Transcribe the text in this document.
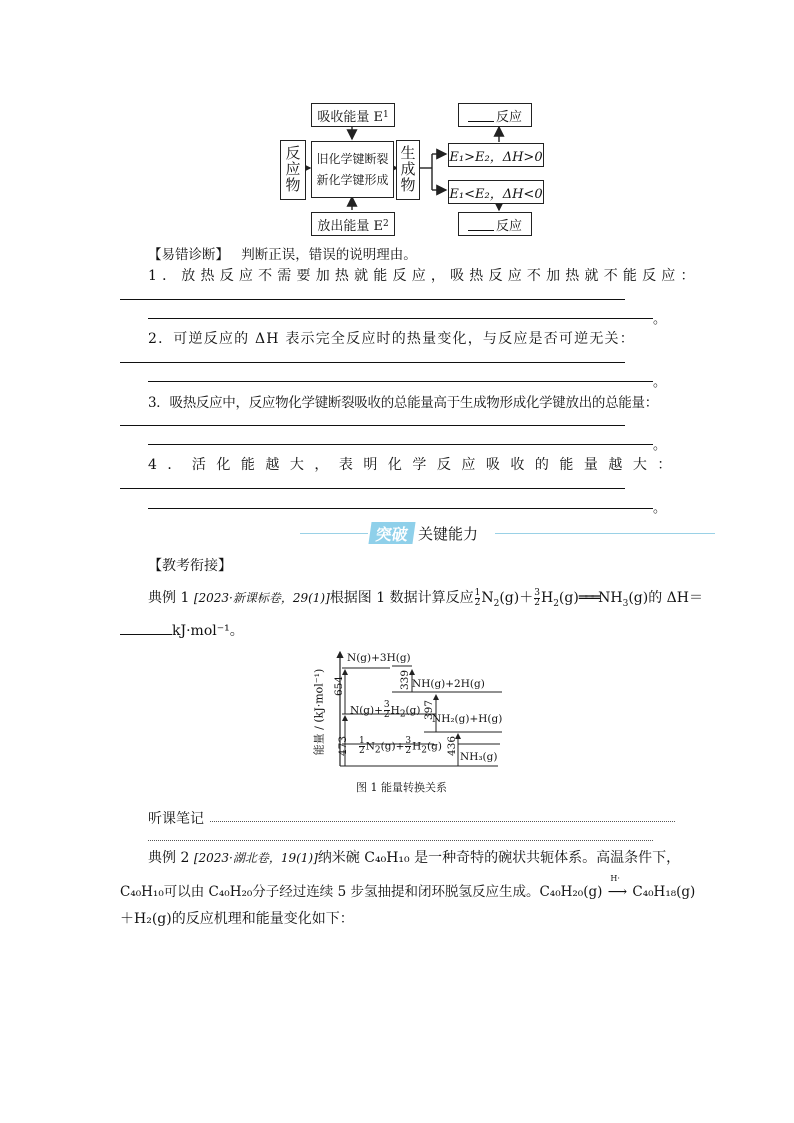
吸收能量 E 1
放出能量 E 2
反
应
物
旧化学键断裂
新化学键形成
生
成
物
E₁>E₂，ΔH>0
E₁<E₂，ΔH<0
反应
反应
【易错诊断】 判断正误，错误的说明理由。
1．放热反应不需要加热就能反应，吸热反应不加热就不能反应：
。
2．可逆反应的 ΔH 表示完全反应时的热量变化，与反应是否可逆无关：
。
3．吸热反应中，反应物化学键断裂吸收的总能量高于生成物形成化学键放出的总能量：
。
4．活化能越大，表明化学反应吸收的能量越大：
。
突破 关键能力
【教考衔接】
典例 1 [2023·新课标卷，29(1)]根据图 1 数据计算反应 $\frac{1}{2} N_2(g)+ \frac{3}{2}$ $H_2(g)═══NH_3(g)$的 ΔH＝
kJ·mol⁻¹。
N(g)+3H(g)
NH(g)+2H(g)
$N(g)+ \frac{3}{2} H_2(g)$
NH₂(g)+H(g)
$\frac{1}{2} N_2(g)+ \frac{3}{2} H_2(g)$
NH₃(g)
654	339
397
473	436
能量 / (kJ·mol⁻¹)
图 1 能量转换关系
听课笔记
典例 2 [2023·湖北卷，19(1)]纳米碗 C₄₀H₁₀ 是一种奇特的碗状共轭体系。高温条件下，
C₄₀H₁₀可以由 C₄₀H₂₀分子经过连续 5 步氢抽提和闭环脱氢反应生成。C₄₀H₂₀(g)
H·
⟶ C₄₀H₁₈(g)
＋H₂(g)的反应机理和能量变化如下：
